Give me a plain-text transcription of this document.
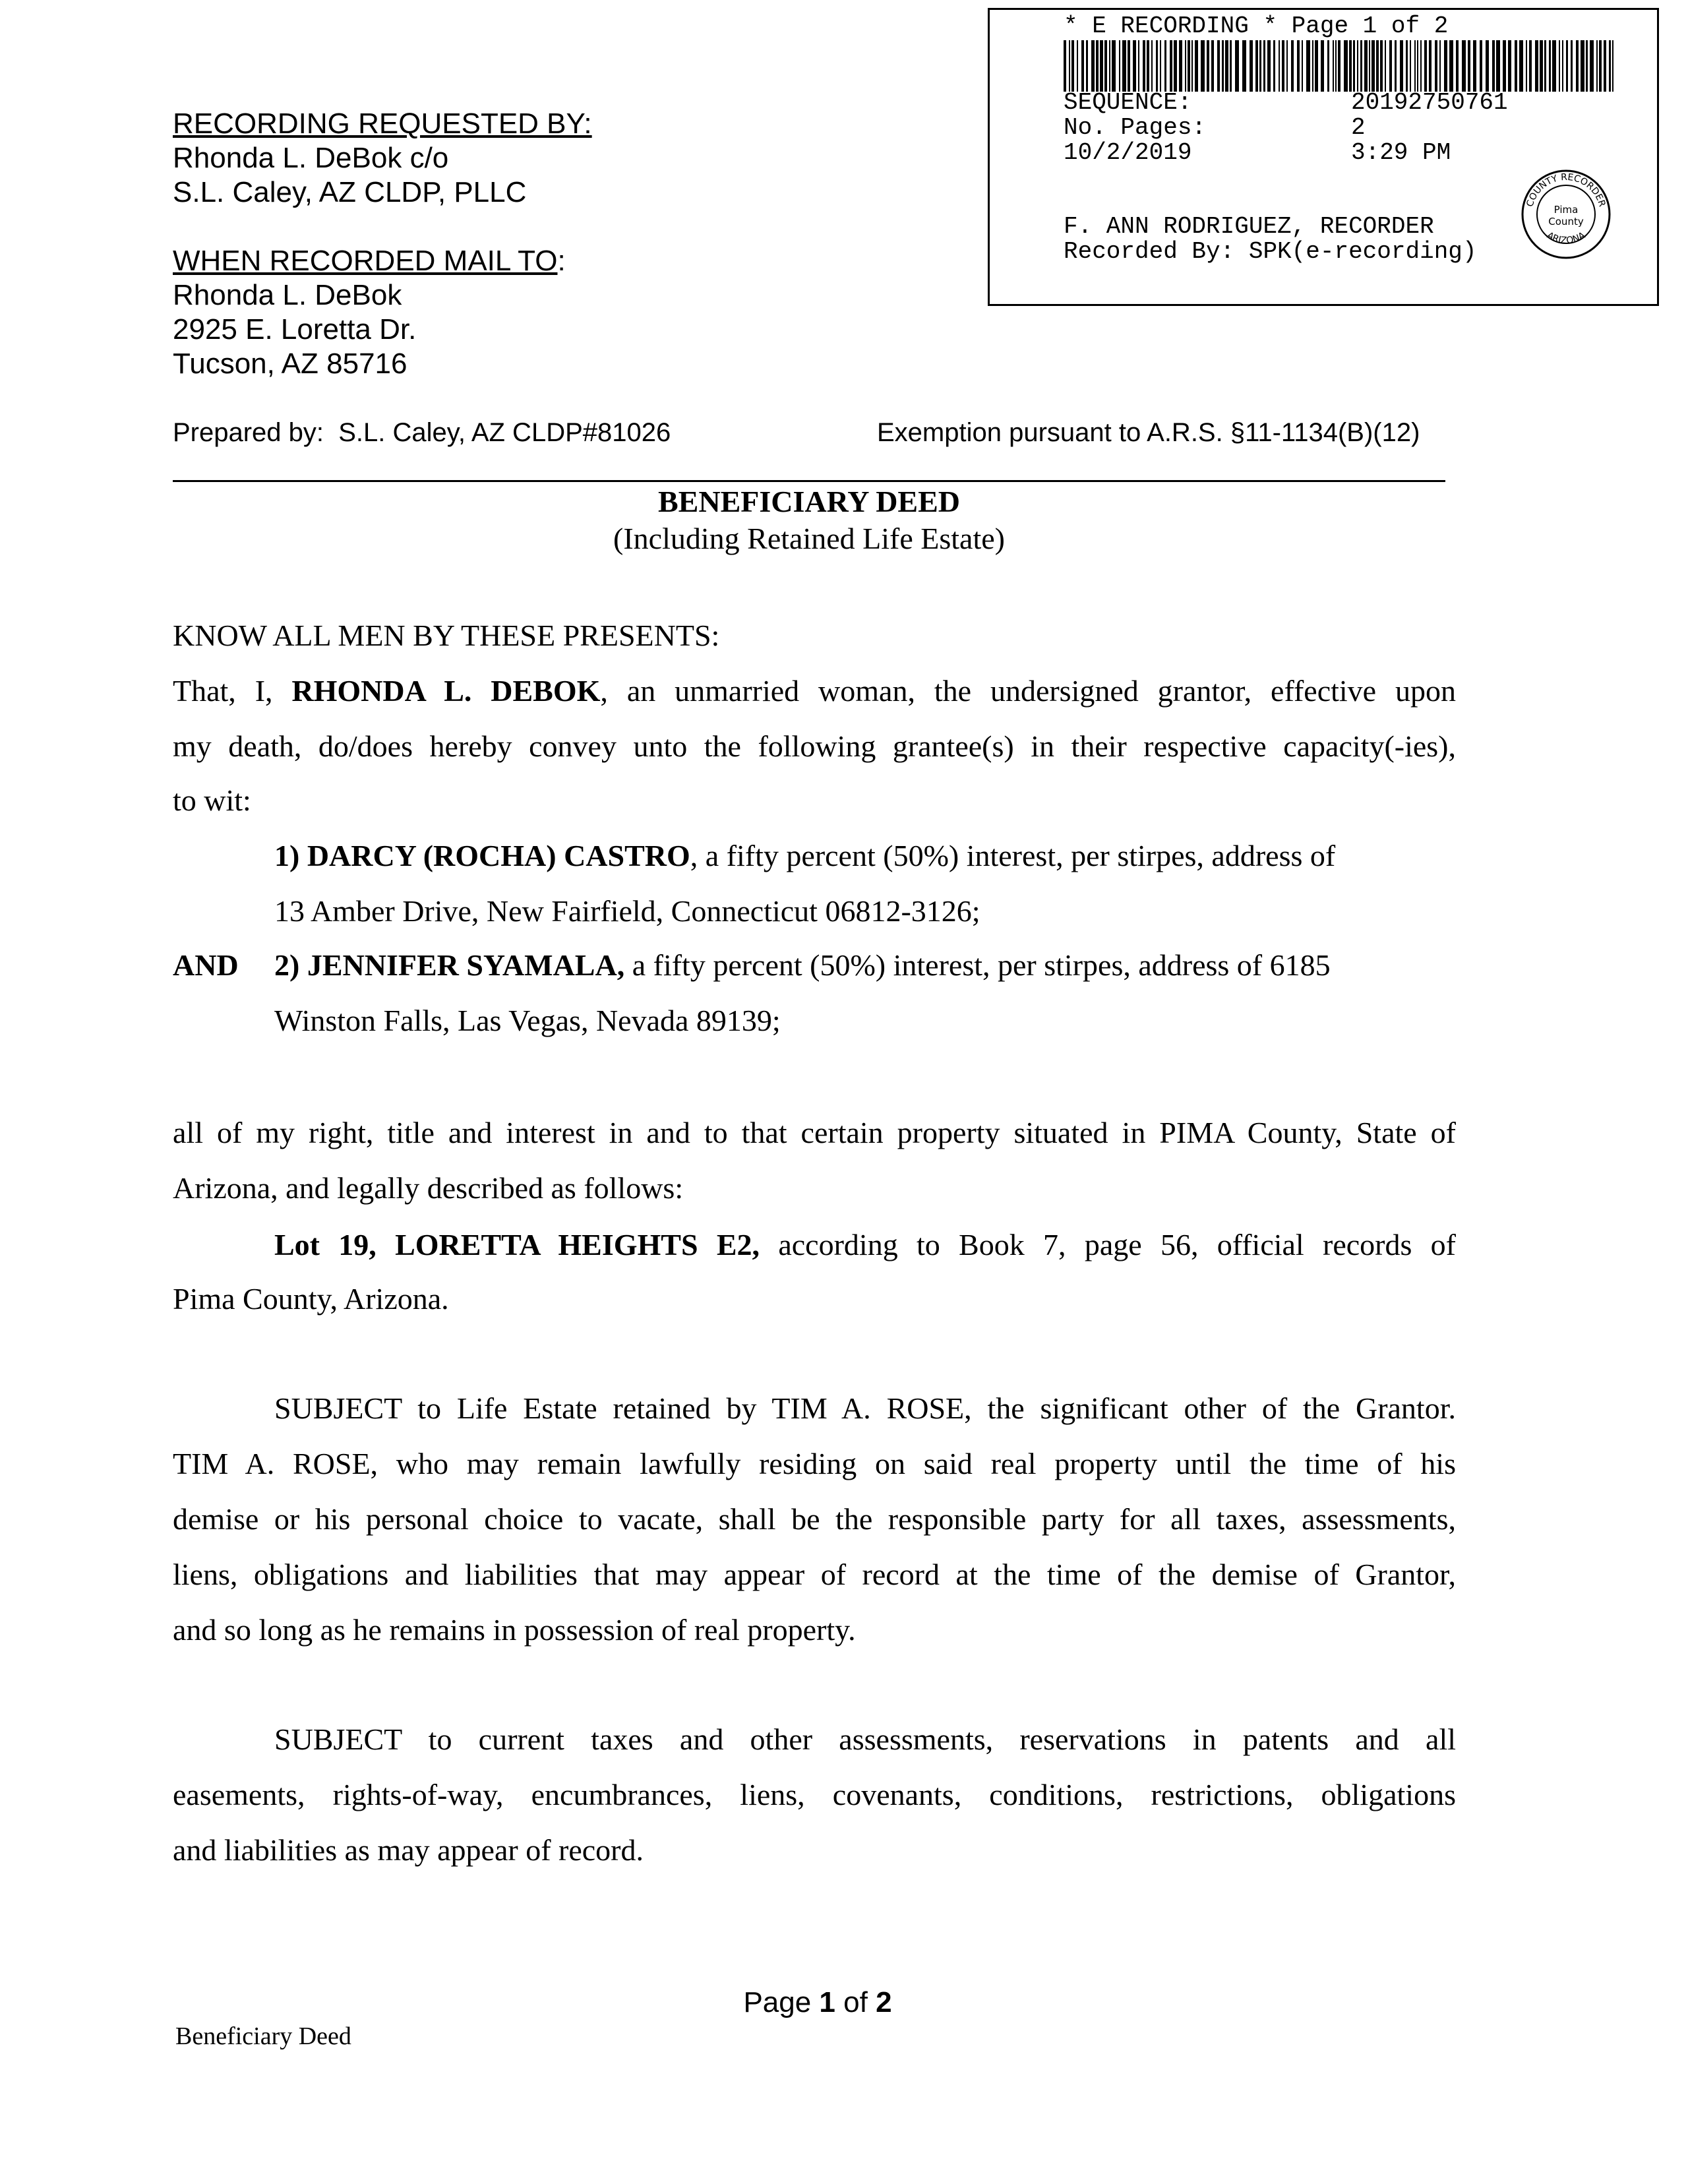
* E RECORDING * Page 1 of 2
SEQUENCE:	20192750761
No. Pages:	2
10/2/2019	3:29 PM
F. ANN RODRIGUEZ, RECORDER
Recorded By: SPK(e-recording)
COUNTY RECORDER
ARIZONA
Pima
County
RECORDING REQUESTED BY:
Rhonda L. DeBok c/o
S.L. Caley, AZ CLDP, PLLC
WHEN RECORDED MAIL TO:
Rhonda L. DeBok
2925 E. Loretta Dr.
Tucson, AZ 85716
Prepared by:  S.L. Caley, AZ CLDP#81026	Exemption pursuant to A.R.S. §11-1134(B)(12)
BENEFICIARY DEED
(Including Retained Life Estate)
KNOW ALL MEN BY THESE PRESENTS:
That, I, RHONDA L. DEBOK, an unmarried woman, the undersigned grantor, effective upon
my death, do/does hereby convey unto the following grantee(s) in their respective capacity(-ies),
to wit:
1) DARCY (ROCHA) CASTRO, a fifty percent (50%) interest, per stirpes, address of
13 Amber Drive, New Fairfield, Connecticut 06812-3126;
AND 2) JENNIFER SYAMALA, a fifty percent (50%) interest, per stirpes, address of 6185
Winston Falls, Las Vegas, Nevada 89139;
all of my right, title and interest in and to that certain property situated in PIMA County, State of
Arizona, and legally described as follows:
Lot 19, LORETTA HEIGHTS E2, according to Book 7, page 56, official records of
Pima County, Arizona.
SUBJECT to Life Estate retained by TIM A. ROSE, the significant other of the Grantor.
TIM A. ROSE, who may remain lawfully residing on said real property until the time of his
demise or his personal choice to vacate, shall be the responsible party for all taxes, assessments,
liens, obligations and liabilities that may appear of record at the time of the demise of Grantor,
and so long as he remains in possession of real property.
SUBJECT to current taxes and other assessments, reservations in patents and all
easements, rights-of-way, encumbrances, liens, covenants, conditions, restrictions, obligations
and liabilities as may appear of record.
Page 1 of 2
Beneficiary Deed
